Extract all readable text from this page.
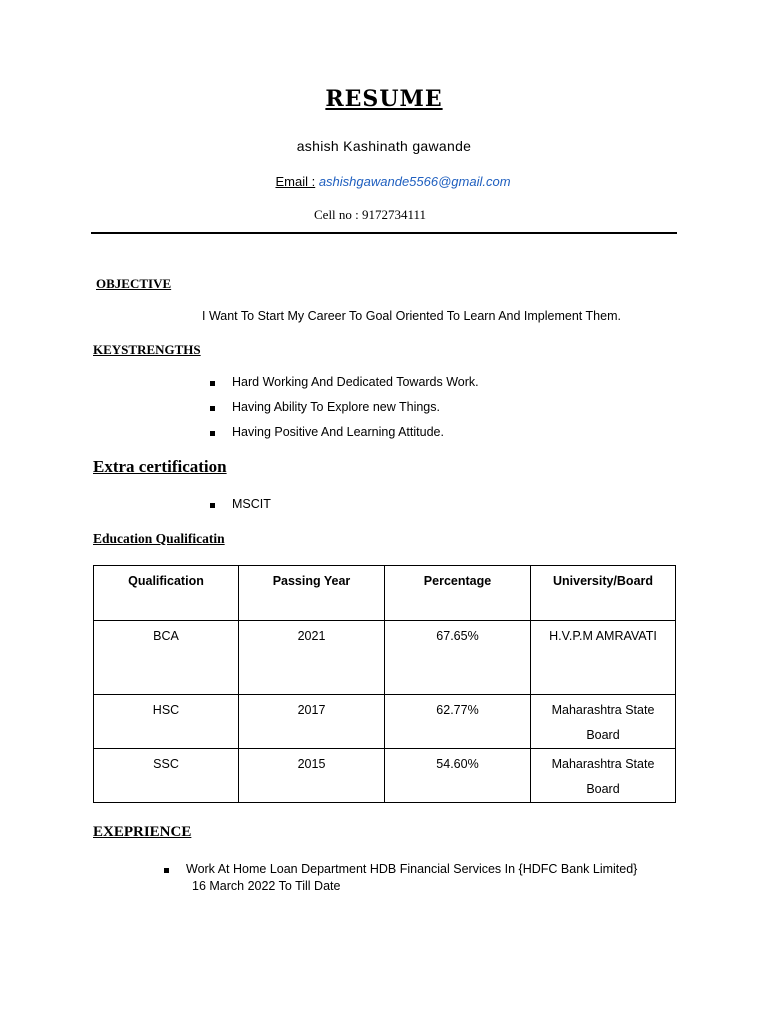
RESUME
ashish Kashinath gawande
Email : ashishgawande5566@gmail.com
Cell no : 9172734111
OBJECTIVE
I Want To Start My Career To Goal Oriented To Learn And Implement Them.
KEYSTRENGTHS
Hard Working And Dedicated Towards Work.
Having Ability To Explore new Things.
Having Positive And Learning Attitude.
Extra certification
MSCIT
Education Qualificatin
Qualification	Passing Year	Percentage	University/Board
BCA	2021	67.65%	H.V.P.M AMRAVATI
HSC	2017	62.77%	Maharashtra State Board
SSC	2015	54.60%	Maharashtra State Board
EXEPRIENCE
Work At Home Loan Department HDB Financial Services In {HDFC Bank Limited}
16 March 2022 To Till Date
